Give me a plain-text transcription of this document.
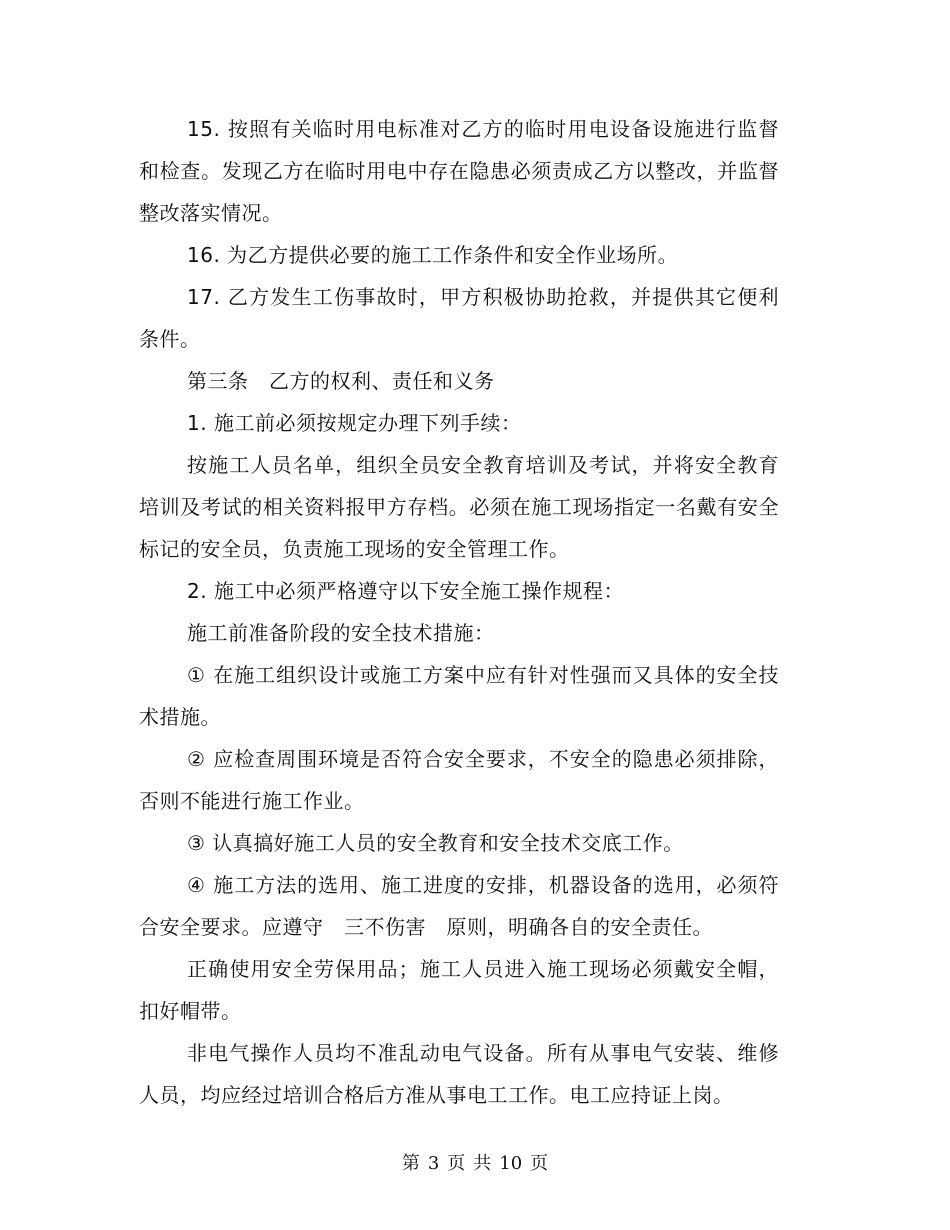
15. 按照有关临时用电标准对乙方的临时用电设备设施进行监督和检查。发现乙方在临时用电中存在隐患必须责成乙方以整改，并监督整改落实情况。

16. 为乙方提供必要的施工工作条件和安全作业场所。

17. 乙方发生工伤事故时，甲方积极协助抢救，并提供其它便利条件。

第三条　乙方的权利、责任和义务

1. 施工前必须按规定办理下列手续：

按施工人员名单，组织全员安全教育培训及考试，并将安全教育培训及考试的相关资料报甲方存档。必须在施工现场指定一名戴有安全标记的安全员，负责施工现场的安全管理工作。

2. 施工中必须严格遵守以下安全施工操作规程：

施工前准备阶段的安全技术措施：

① 在施工组织设计或施工方案中应有针对性强而又具体的安全技术措施。

② 应检查周围环境是否符合安全要求，不安全的隐患必须排除，否则不能进行施工作业。

③ 认真搞好施工人员的安全教育和安全技术交底工作。

④ 施工方法的选用、施工进度的安排，机器设备的选用，必须符合安全要求。应遵守　三不伤害　原则，明确各自的安全责任。

正确使用安全劳保用品；施工人员进入施工现场必须戴安全帽，扣好帽带。

非电气操作人员均不准乱动电气设备。所有从事电气安装、维修人员，均应经过培训合格后方准从事电工工作。电工应持证上岗。

第 3 页 共 10 页
